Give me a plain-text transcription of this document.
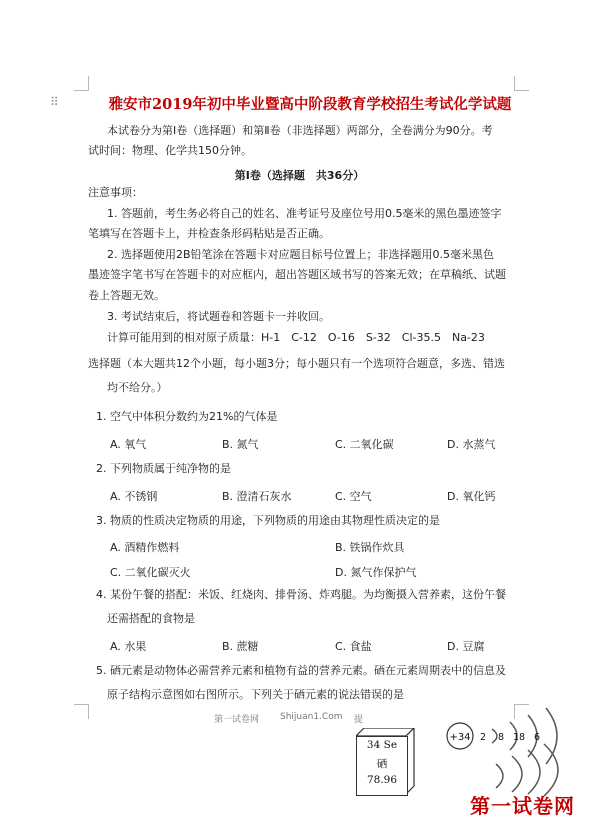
⠿	雅安市2019年初中毕业暨高中阶段教育学校招生考试化学试题
本试卷分为第Ⅰ卷（选择题）和第Ⅱ卷（非选择题）两部分，全卷满分为90分。考
试时间：物理、化学共150分钟。
第Ⅰ卷（选择题　共36分）
注意事项：
1. 答题前，考生务必将自己的姓名、准考证号及座位号用0.5毫米的黑色墨迹签字
笔填写在答题卡上，并检查条形码粘贴是否正确。
2. 选择题使用2B铅笔涂在答题卡对应题目标号位置上；非选择题用0.5毫米黑色
墨迹签字笔书写在答题卡的对应框内，超出答题区域书写的答案无效；在草稿纸、试题
卷上答题无效。
3. 考试结束后，将试题卷和答题卡一并收回。
计算可能用到的相对原子质量：H-1　C-12　O-16　S-32　Cl-35.5　Na-23
选择题（本大题共12个小题，每小题3分；每小题只有一个选项符合题意，多选、错选
均不给分。）
1. 空气中体积分数约为21%的气体是
A. 氧气	B. 氮气	C. 二氧化碳	D. 水蒸气
2. 下列物质属于纯净物的是
A. 不锈钢	B. 澄清石灰水	C. 空气	D. 氧化钙
3. 物质的性质决定物质的用途，下列物质的用途由其物理性质决定的是
A. 酒精作燃料	B. 铁锅作炊具
C. 二氧化碳灭火	D. 氮气作保护气
4. 某份午餐的搭配：米饭、红烧肉、排骨汤、炸鸡腿。为均衡摄入营养素，这份午餐
还需搭配的食物是
A. 水果	B. 蔗糖	C. 食盐	D. 豆腐
5. 硒元素是动物体必需营养元素和植物有益的营养元素。硒在元素周期表中的信息及
原子结构示意图如右图所示。下列关于硒元素的说法错误的是
第一试卷网 Shijuan1.Com 提
34 Se
硒
78.96
+34 2 8 18 6
第一试卷网
